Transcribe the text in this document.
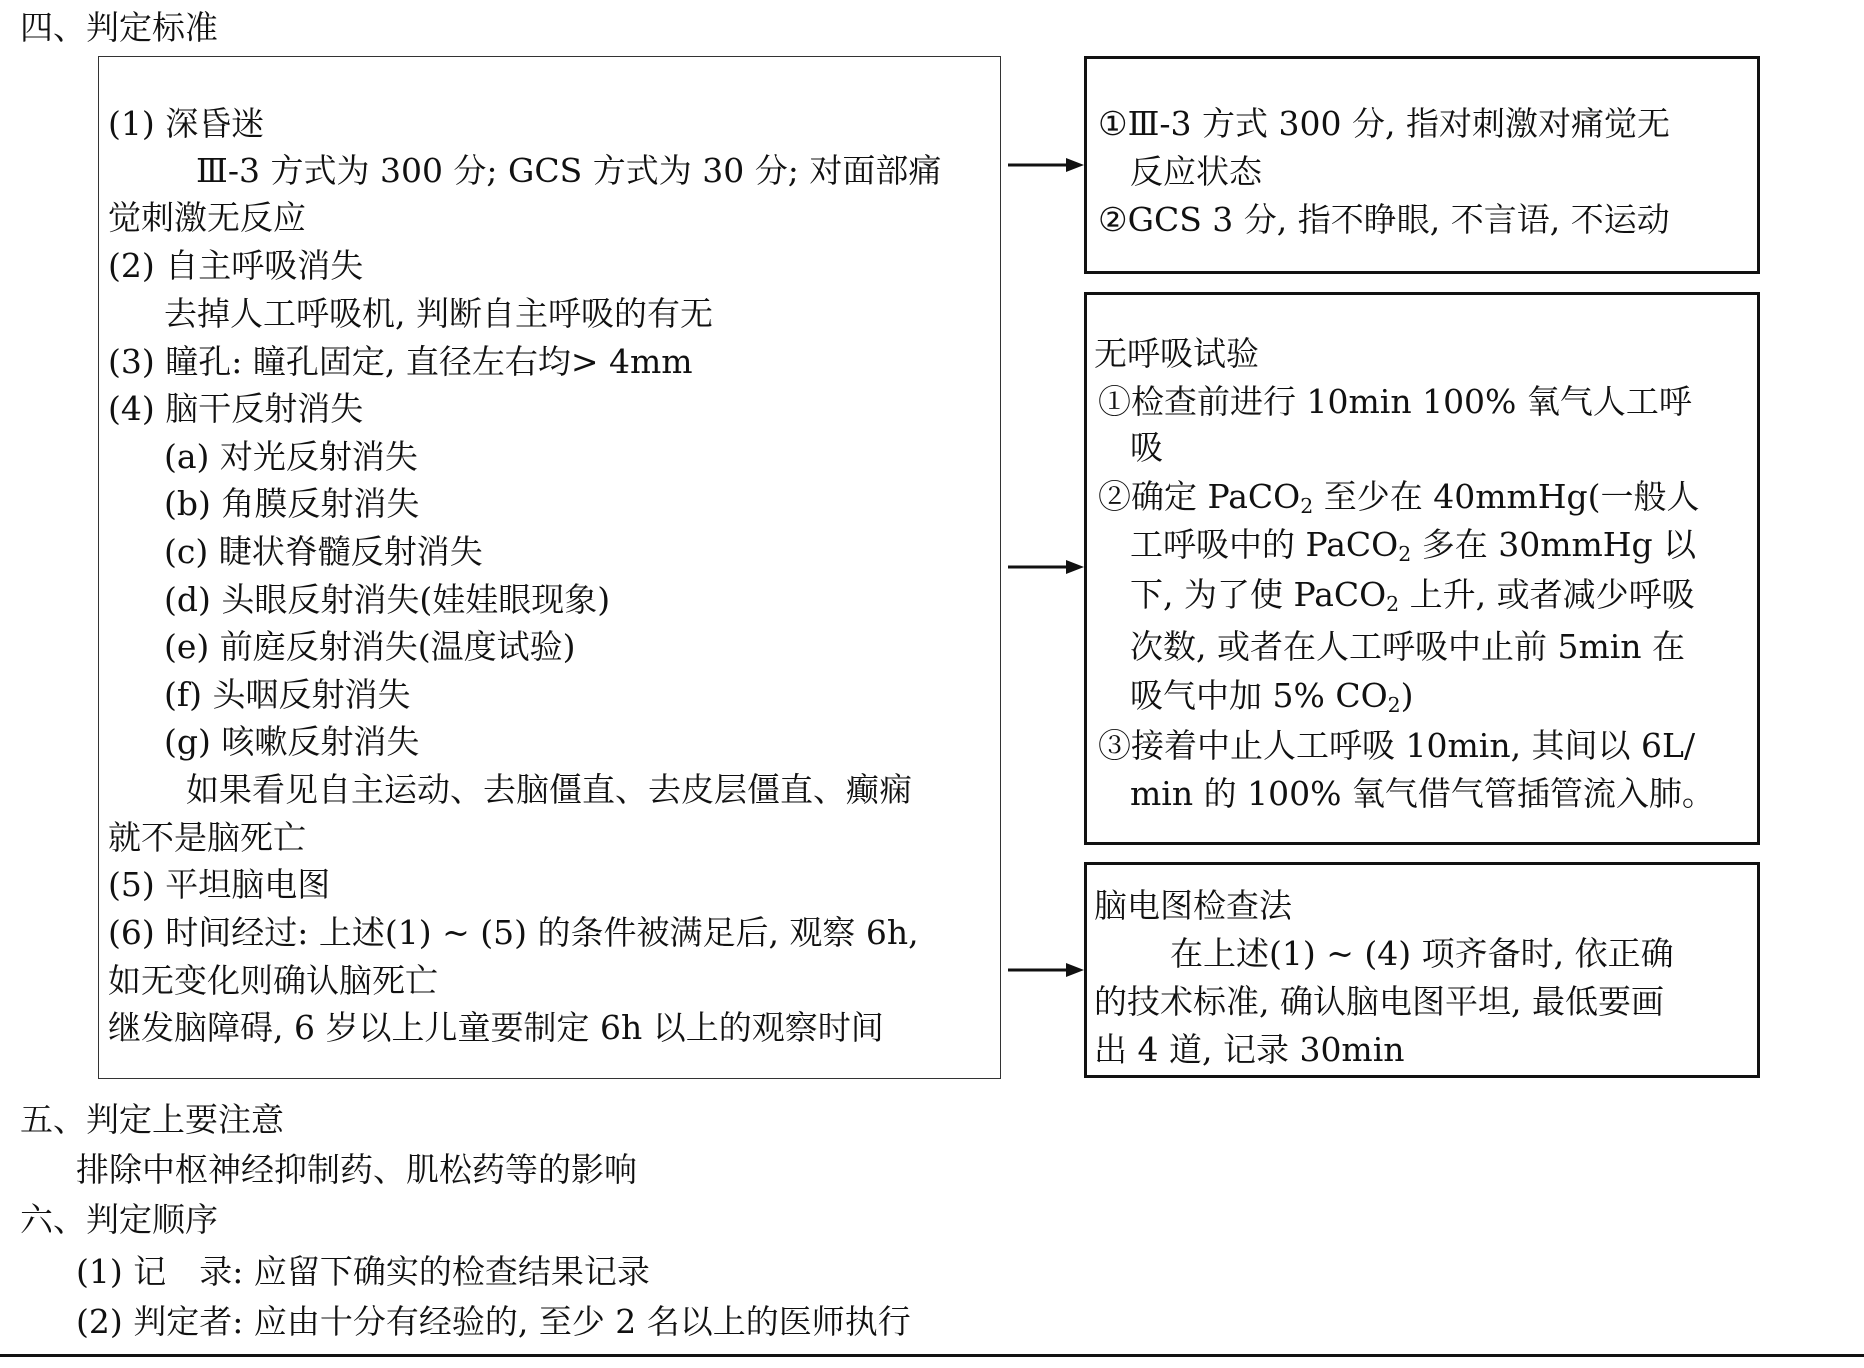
四、判定标准
(1) 深昏迷
Ⅲ-3 方式为 300 分; GCS 方式为 30 分; 对面部痛
觉刺激无反应
(2) 自主呼吸消失
去掉人工呼吸机, 判断自主呼吸的有无
(3) 瞳孔: 瞳孔固定, 直径左右均> 4mm
(4) 脑干反射消失
(a) 对光反射消失
(b) 角膜反射消失
(c) 睫状脊髓反射消失
(d) 头眼反射消失(娃娃眼现象)
(e) 前庭反射消失(温度试验)
(f) 头咽反射消失
(g) 咳嗽反射消失
如果看见自主运动、去脑僵直、去皮层僵直、癫痫
就不是脑死亡
(5) 平坦脑电图
(6) 时间经过: 上述(1) ~ (5) 的条件被满足后, 观察 6h,
如无变化则确认脑死亡
继发脑障碍, 6 岁以上儿童要制定 6h 以上的观察时间
①Ⅲ-3 方式 300 分, 指对刺激对痛觉无
反应状态
②GCS 3 分, 指不睁眼, 不言语, 不运动
无呼吸试验
①检查前进行 10min 100% 氧气人工呼
吸
②确定 PaCO$_2$ 至少在 40mmHg(一般人
工呼吸中的 PaCO$_2$ 多在 30mmHg 以
下, 为了使 PaCO$_2$ 上升, 或者减少呼吸
次数, 或者在人工呼吸中止前 5min 在
吸气中加 5% $CO_2$)
③接着中止人工呼吸 10min, 其间以 6L/
min 的 100% 氧气借气管插管流入肺。
脑电图检查法
在上述(1) ~ (4) 项齐备时, 依正确
的技术标准, 确认脑电图平坦, 最低要画
出 4 道, 记录 30min
五、判定上要注意
排除中枢神经抑制药、肌松药等的影响
六、判定顺序
(1) 记　录: 应留下确实的检查结果记录
(2) 判定者: 应由十分有经验的, 至少 2 名以上的医师执行
